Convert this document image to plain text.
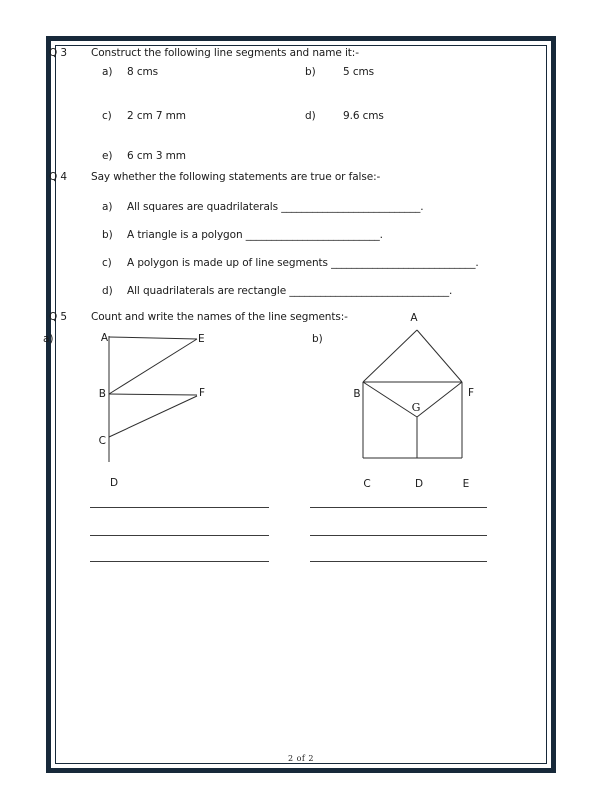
Q 3 Construct the following line segments and name it:-
a) 8 cms	b)	5 cms
c) 2 cm 7 mm	d)	9.6 cms
e) 6 cm 3 mm
Q 4 Say whether the following statements are true or false:-
a) All squares are quadrilaterals ___________________________.
b) A triangle is a polygon __________________________.
c) A polygon is made up of line segments ____________________________.
d) All quadrilaterals are rectangle _______________________________.
Q 5 Count and write the names of the line segments:-
a)	b)
A
B
C
D
E
F
A
B	F
G
C	D	E
2 of 2
